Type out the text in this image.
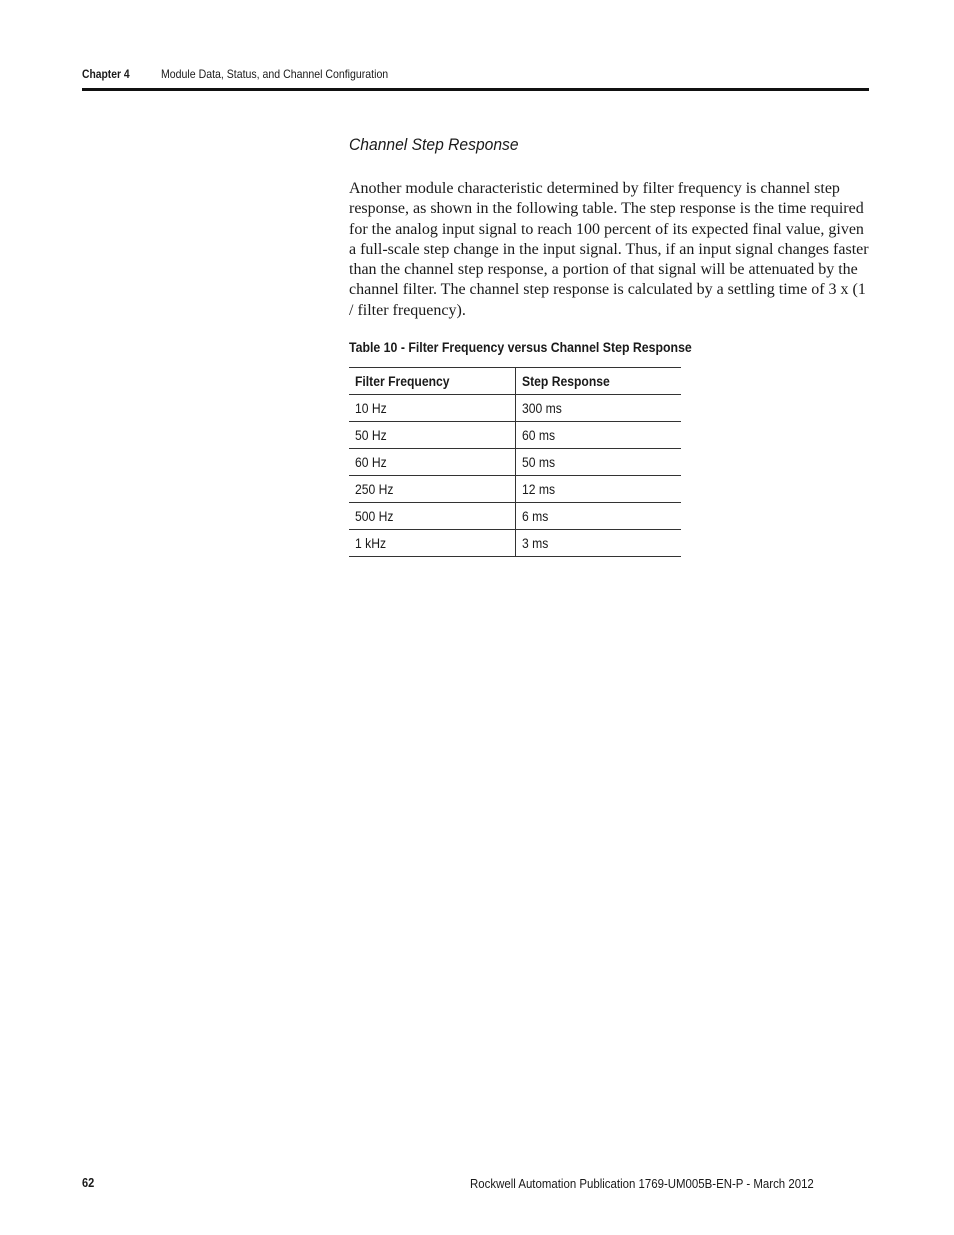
Chapter 4	Module Data, Status, and Channel Configuration
Channel Step Response
Another module characteristic determined by filter frequency is channel step response, as shown in the following table. The step response is the time required for the analog input signal to reach 100 percent of its expected final value, given a full-scale step change in the input signal. Thus, if an input signal changes faster than the channel step response, a portion of that signal will be attenuated by the channel filter. The channel step response is calculated by a settling time of 3 x (1 / filter frequency).
Table 10 - Filter Frequency versus Channel Step Response
Filter Frequency	Step Response
10 Hz	300 ms
50 Hz	60 ms
60 Hz	50 ms
250 Hz	12 ms
500 Hz	6 ms
1 kHz	3 ms
62	Rockwell Automation Publication 1769-UM005B-EN-P - March 2012
